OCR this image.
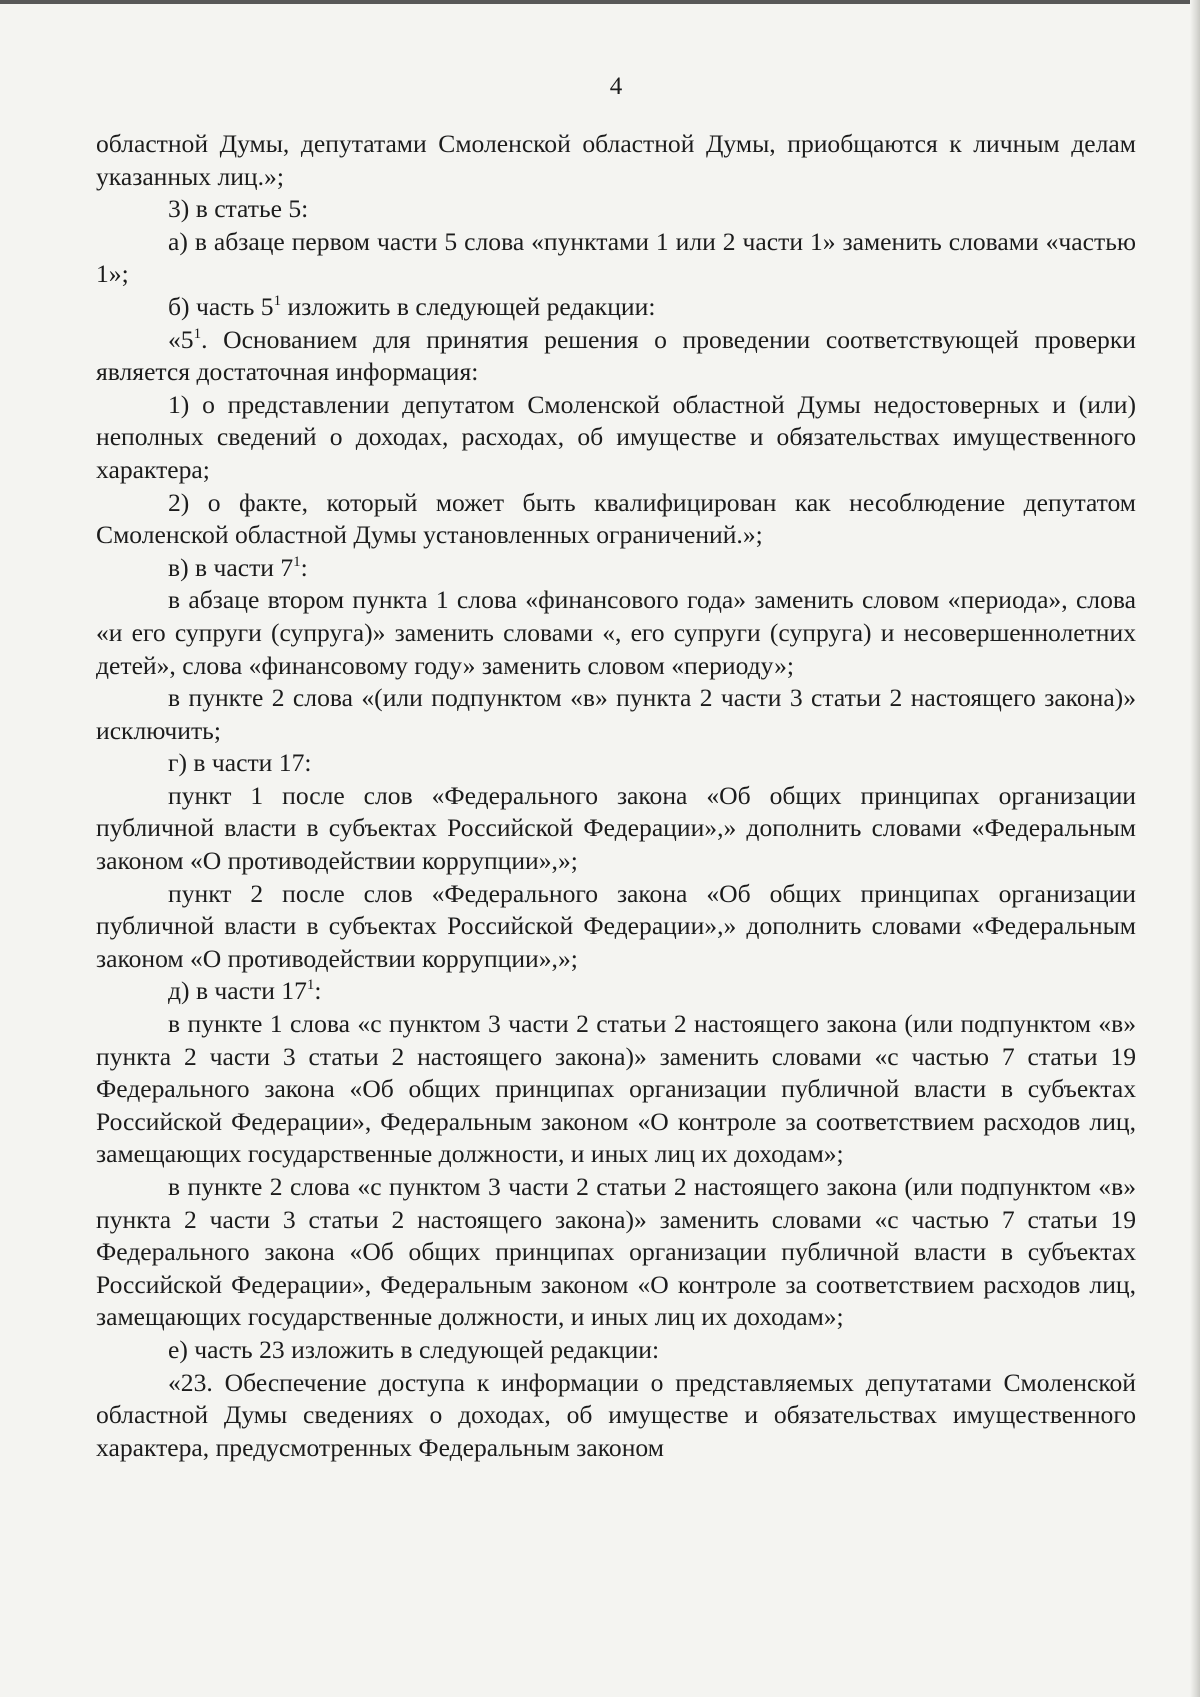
4

областной Думы, депутатами Смоленской областной Думы, приобщаются к личным делам указанных лиц.»;

3) в статье 5:

а) в абзаце первом части 5 слова «пунктами 1 или 2 части 1» заменить словами «частью 1»;

б) часть $5^1$ изложить в следующей редакции:

«$5^1$. Основанием для принятия решения о проведении соответствующей проверки является достаточная информация:

1) о представлении депутатом Смоленской областной Думы недостоверных и (или) неполных сведений о доходах, расходах, об имуществе и обязательствах имущественного характера;

2) о факте, который может быть квалифицирован как несоблюдение депутатом Смоленской областной Думы установленных ограничений.»;

в) в части $7^1$:

в абзаце втором пункта 1 слова «финансового года» заменить словом «периода», слова «и его супруги (супруга)» заменить словами «, его супруги (супруга) и несовершеннолетних детей», слова «финансовому году» заменить словом «периоду»;

в пункте 2 слова «(или подпунктом «в» пункта 2 части 3 статьи 2 настоящего закона)» исключить;

г) в части 17:

пункт 1 после слов «Федерального закона «Об общих принципах организации публичной власти в субъектах Российской Федерации»,» дополнить словами «Федеральным законом «О противодействии коррупции»,»;

пункт 2 после слов «Федерального закона «Об общих принципах организации публичной власти в субъектах Российской Федерации»,» дополнить словами «Федеральным законом «О противодействии коррупции»,»;

д) в части $17^1$:

в пункте 1 слова «с пунктом 3 части 2 статьи 2 настоящего закона (или подпунктом «в» пункта 2 части 3 статьи 2 настоящего закона)» заменить словами «с частью 7 статьи 19 Федерального закона «Об общих принципах организации публичной власти в субъектах Российской Федерации», Федеральным законом «О контроле за соответствием расходов лиц, замещающих государственные должности, и иных лиц их доходам»;

в пункте 2 слова «с пунктом 3 части 2 статьи 2 настоящего закона (или подпунктом «в» пункта 2 части 3 статьи 2 настоящего закона)» заменить словами «с частью 7 статьи 19 Федерального закона «Об общих принципах организации публичной власти в субъектах Российской Федерации», Федеральным законом «О контроле за соответствием расходов лиц, замещающих государственные должности, и иных лиц их доходам»;

е) часть 23 изложить в следующей редакции:

«23. Обеспечение доступа к информации о представляемых депутатами Смоленской областной Думы сведениях о доходах, об имуществе и обязательствах имущественного характера, предусмотренных Федеральным законом
